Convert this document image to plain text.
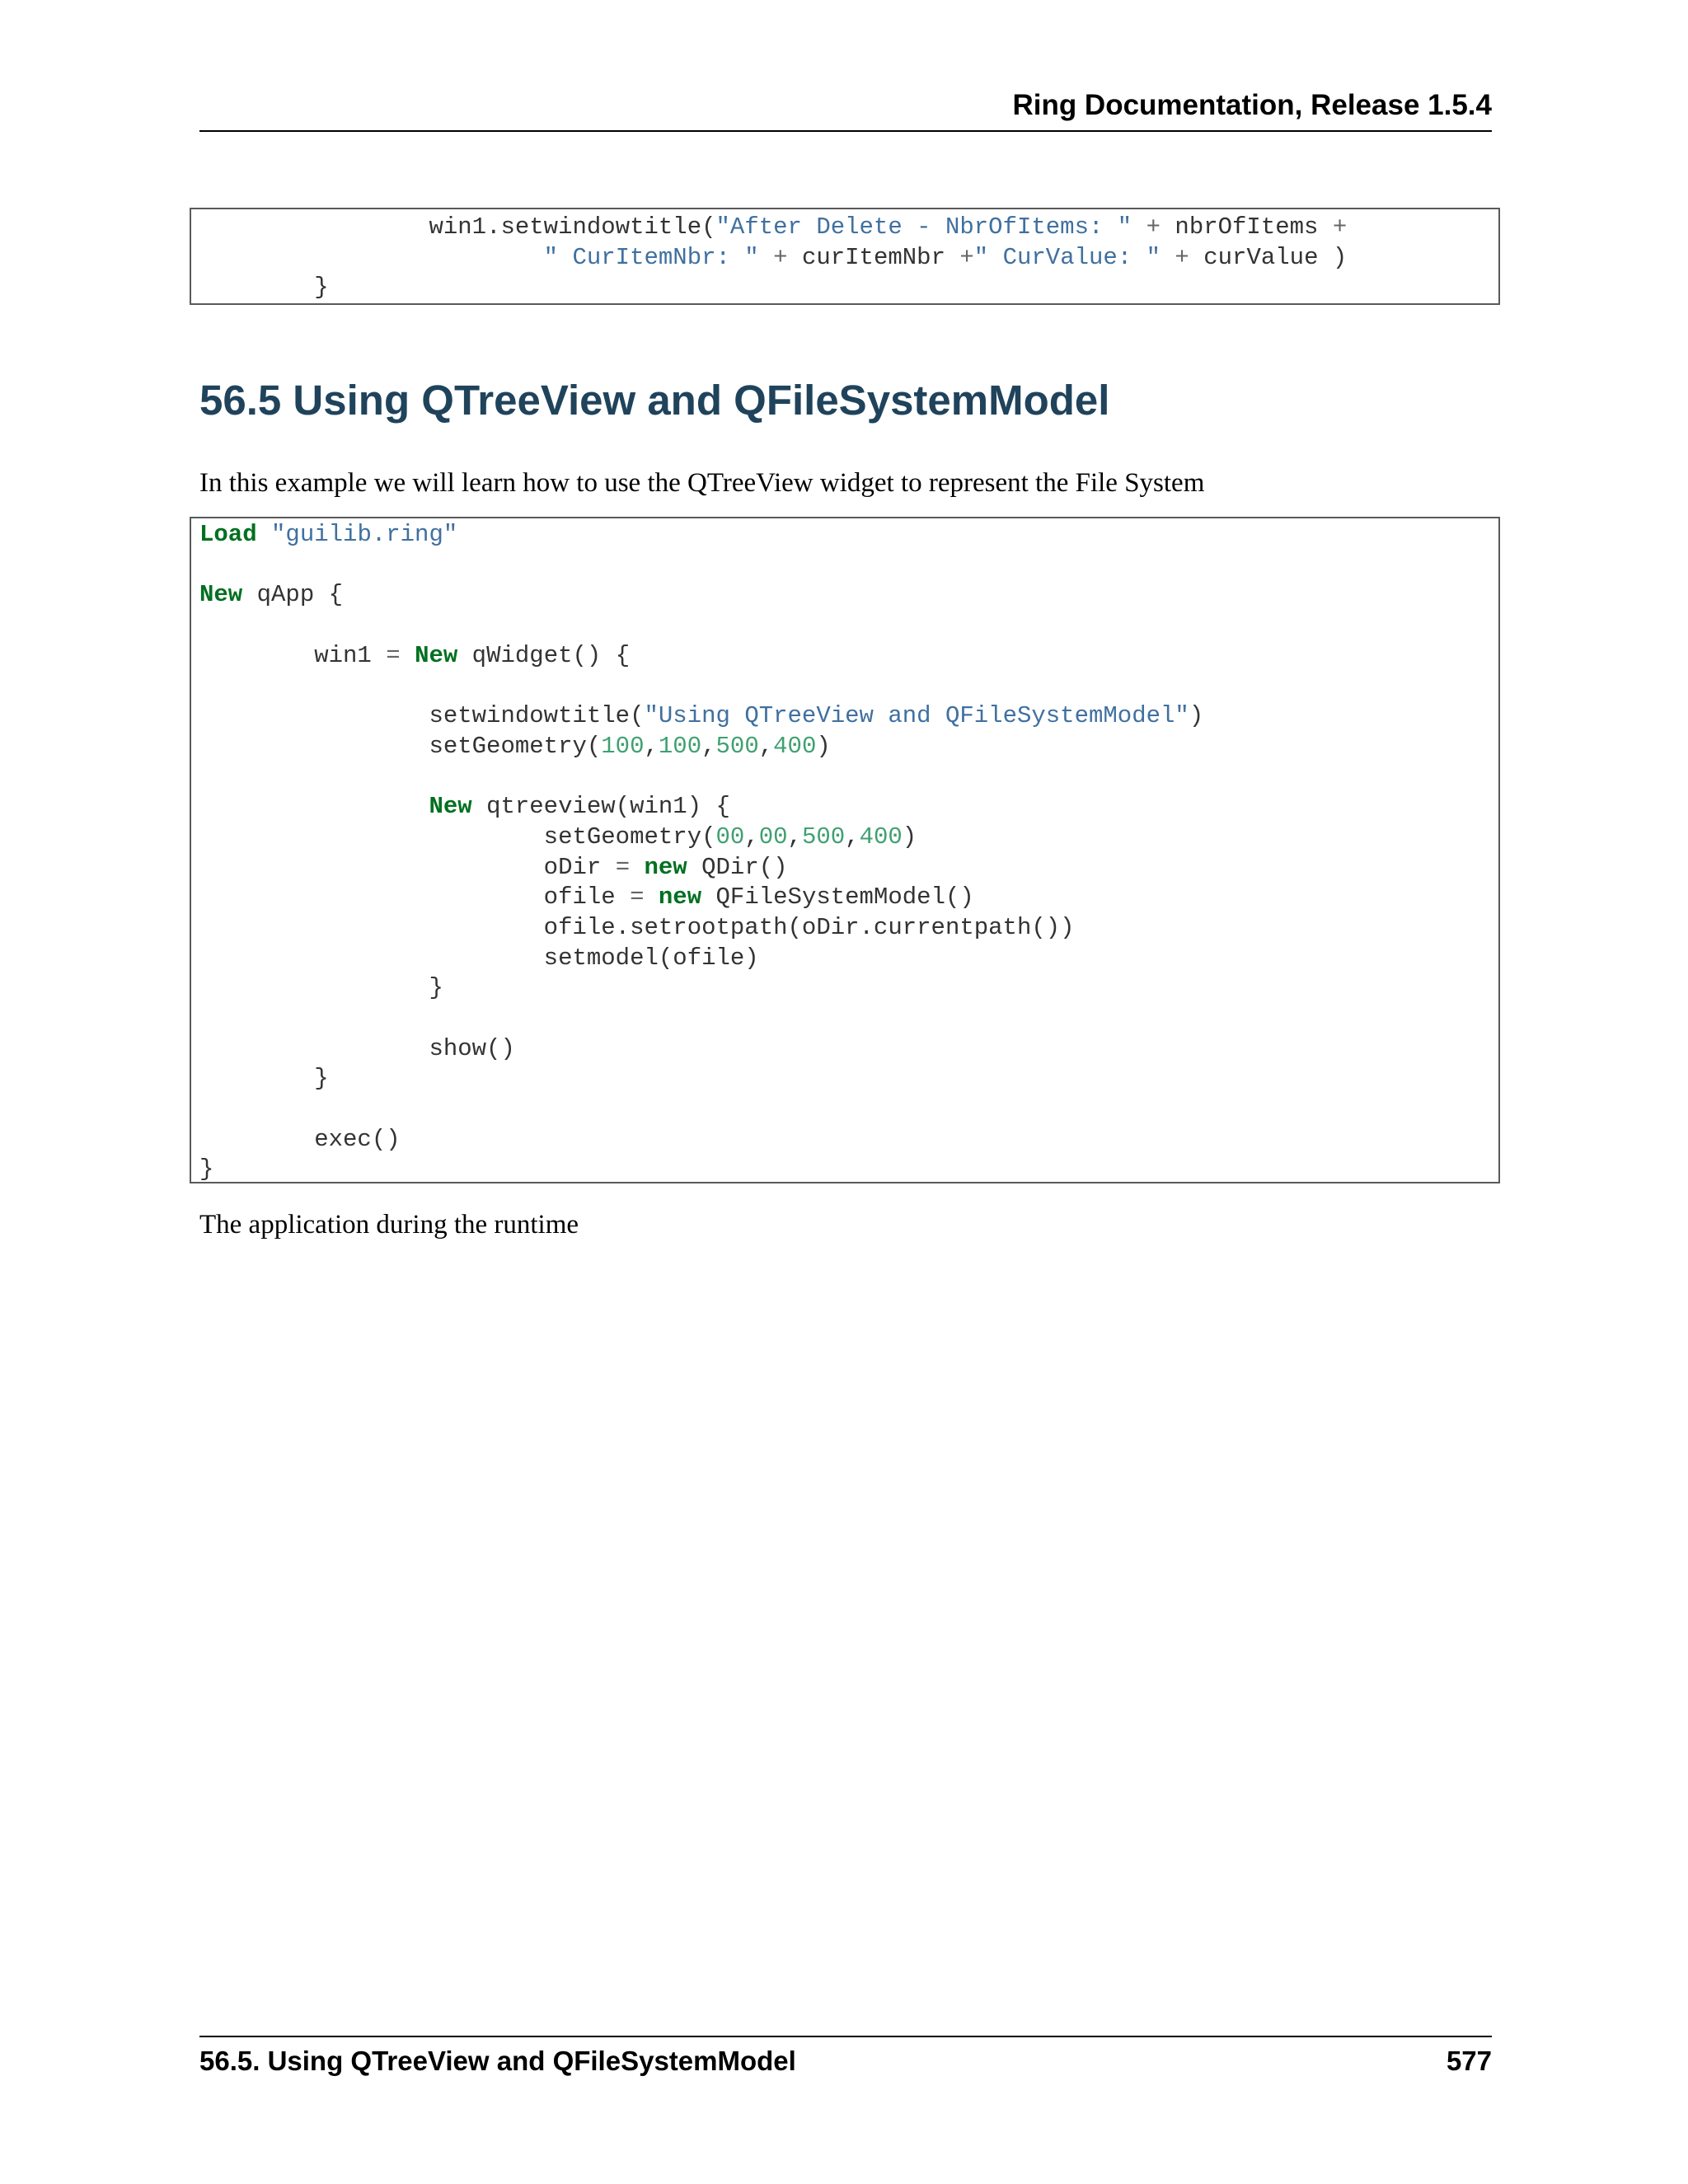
Ring Documentation, Release 1.5.4
win1.setwindowtitle("After Delete - NbrOfItems: " + nbrOfItems +
" CurItemNbr: " + curItemNbr +" CurValue: " + curValue )
}
56.5 Using QTreeView and QFileSystemModel

In this example we will learn how to use the QTreeView widget to represent the File System

Load "guilib.ring"

New qApp {

win1 = New qWidget() {

setwindowtitle("Using QTreeView and QFileSystemModel")
setGeometry(100,100,500,400)

New qtreeview(win1) {
setGeometry(00,00,500,400)
oDir = new QDir()
ofile = new QFileSystemModel()
ofile.setrootpath(oDir.currentpath())
setmodel(ofile)
}

show()
}

exec()
}

The application during the runtime

56.5. Using QTreeView and QFileSystemModel	577
